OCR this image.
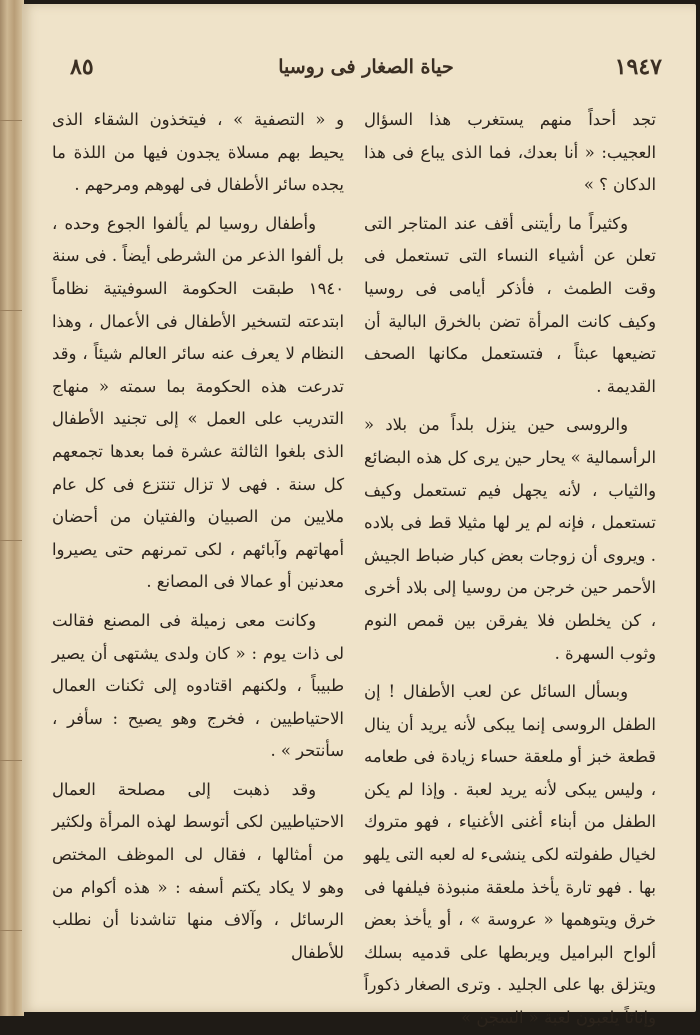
١٩٤٧
حياة الصغار فى روسيا
٨٥

تجد أحداً منهم يستغرب هذا السؤال العجيب: « أنا بعدك، فما الذى يباع فى هذا الدكان ؟ »

وكثيراً ما رأيتنى أقف عند المتاجر التى تعلن عن أشياء النساء التى تستعمل فى وقت الطمث ، فأذكر أيامى فى روسيا وكيف كانت المرأة تضن بالخرق البالية أن تضيعها عبثاً ، فتستعمل مكانها الصحف القديمة .

والروسى حين ينزل بلداً من بلاد « الرأسمالية » يحار حين يرى كل هذه البضائع والثياب ، لأنه يجهل فيم تستعمل وكيف تستعمل ، فإنه لم ير لها مثيلا قط فى بلاده . ويروى أن زوجات بعض كبار ضباط الجيش الأحمر حين خرجن من روسيا إلى بلاد أخرى ، كن يخلطن فلا يفرقن بين قمص النوم وثوب السهرة .

وبسأل السائل عن لعب الأطفال ! إن الطفل الروسى إنما يبكى لأنه يريد أن ينال قطعة خبز أو ملعقة حساء زيادة فى طعامه ، وليس يبكى لأنه يريد لعبة . وإذا لم يكن الطفل من أبناء أغنى الأغنياء ، فهو متروك لخيال طفولته لكى ينشىء له لعبه التى يلهو بها . فهو تارة يأخذ ملعقة منبوذة فيلفها فى خرق ويتوهمها « عروسة » ، أو يأخذ بعض ألواح البراميل ويربطها على قدميه بسلك ويتزلق بها على الجليد . وترى الصغار ذكوراً وإناثاً يلعبون لعبة « السجن »

و « التصفية » ، فيتخذون الشقاء الذى يحيط بهم مسلاة يجدون فيها من اللذة ما يجده سائر الأطفال فى لهوهم ومرحهم .

وأطفال روسيا لم يألفوا الجوع وحده ، بل ألفوا الذعر من الشرطى أيضاً . فى سنة ١٩٤٠ طبقت الحكومة السوفيتية نظاماً ابتدعته لتسخير الأطفال فى الأعمال ، وهذا النظام لا يعرف عنه سائر العالم شيئاً ، وقد تدرعت هذه الحكومة بما سمته « منهاج التدريب على العمل » إلى تجنيد الأطفال الذى بلغوا الثالثة عشرة فما بعدها تجمعهم كل سنة . فهى لا تزال تنتزع فى كل عام ملايين من الصبيان والفتيان من أحضان أمهاتهم وآبائهم ، لكى تمرنهم حتى يصيروا معدنين أو عمالا فى المصانع .

وكانت معى زميلة فى المصنع فقالت لى ذات يوم : « كان ولدى يشتهى أن يصير طبيباً ، ولكنهم اقتادوه إلى ثكنات العمال الاحتياطيين ، فخرج وهو يصيح : سأفر ، سأنتحر » .

وقد ذهبت إلى مصلحة العمال الاحتياطيين لكى أتوسط لهذه المرأة ولكثير من أمثالها ، فقال لى الموظف المختص وهو لا يكاد يكتم أسفه : « هذه أكوام من الرسائل ، وآلاف منها تناشدنا أن نطلب للأطفال
